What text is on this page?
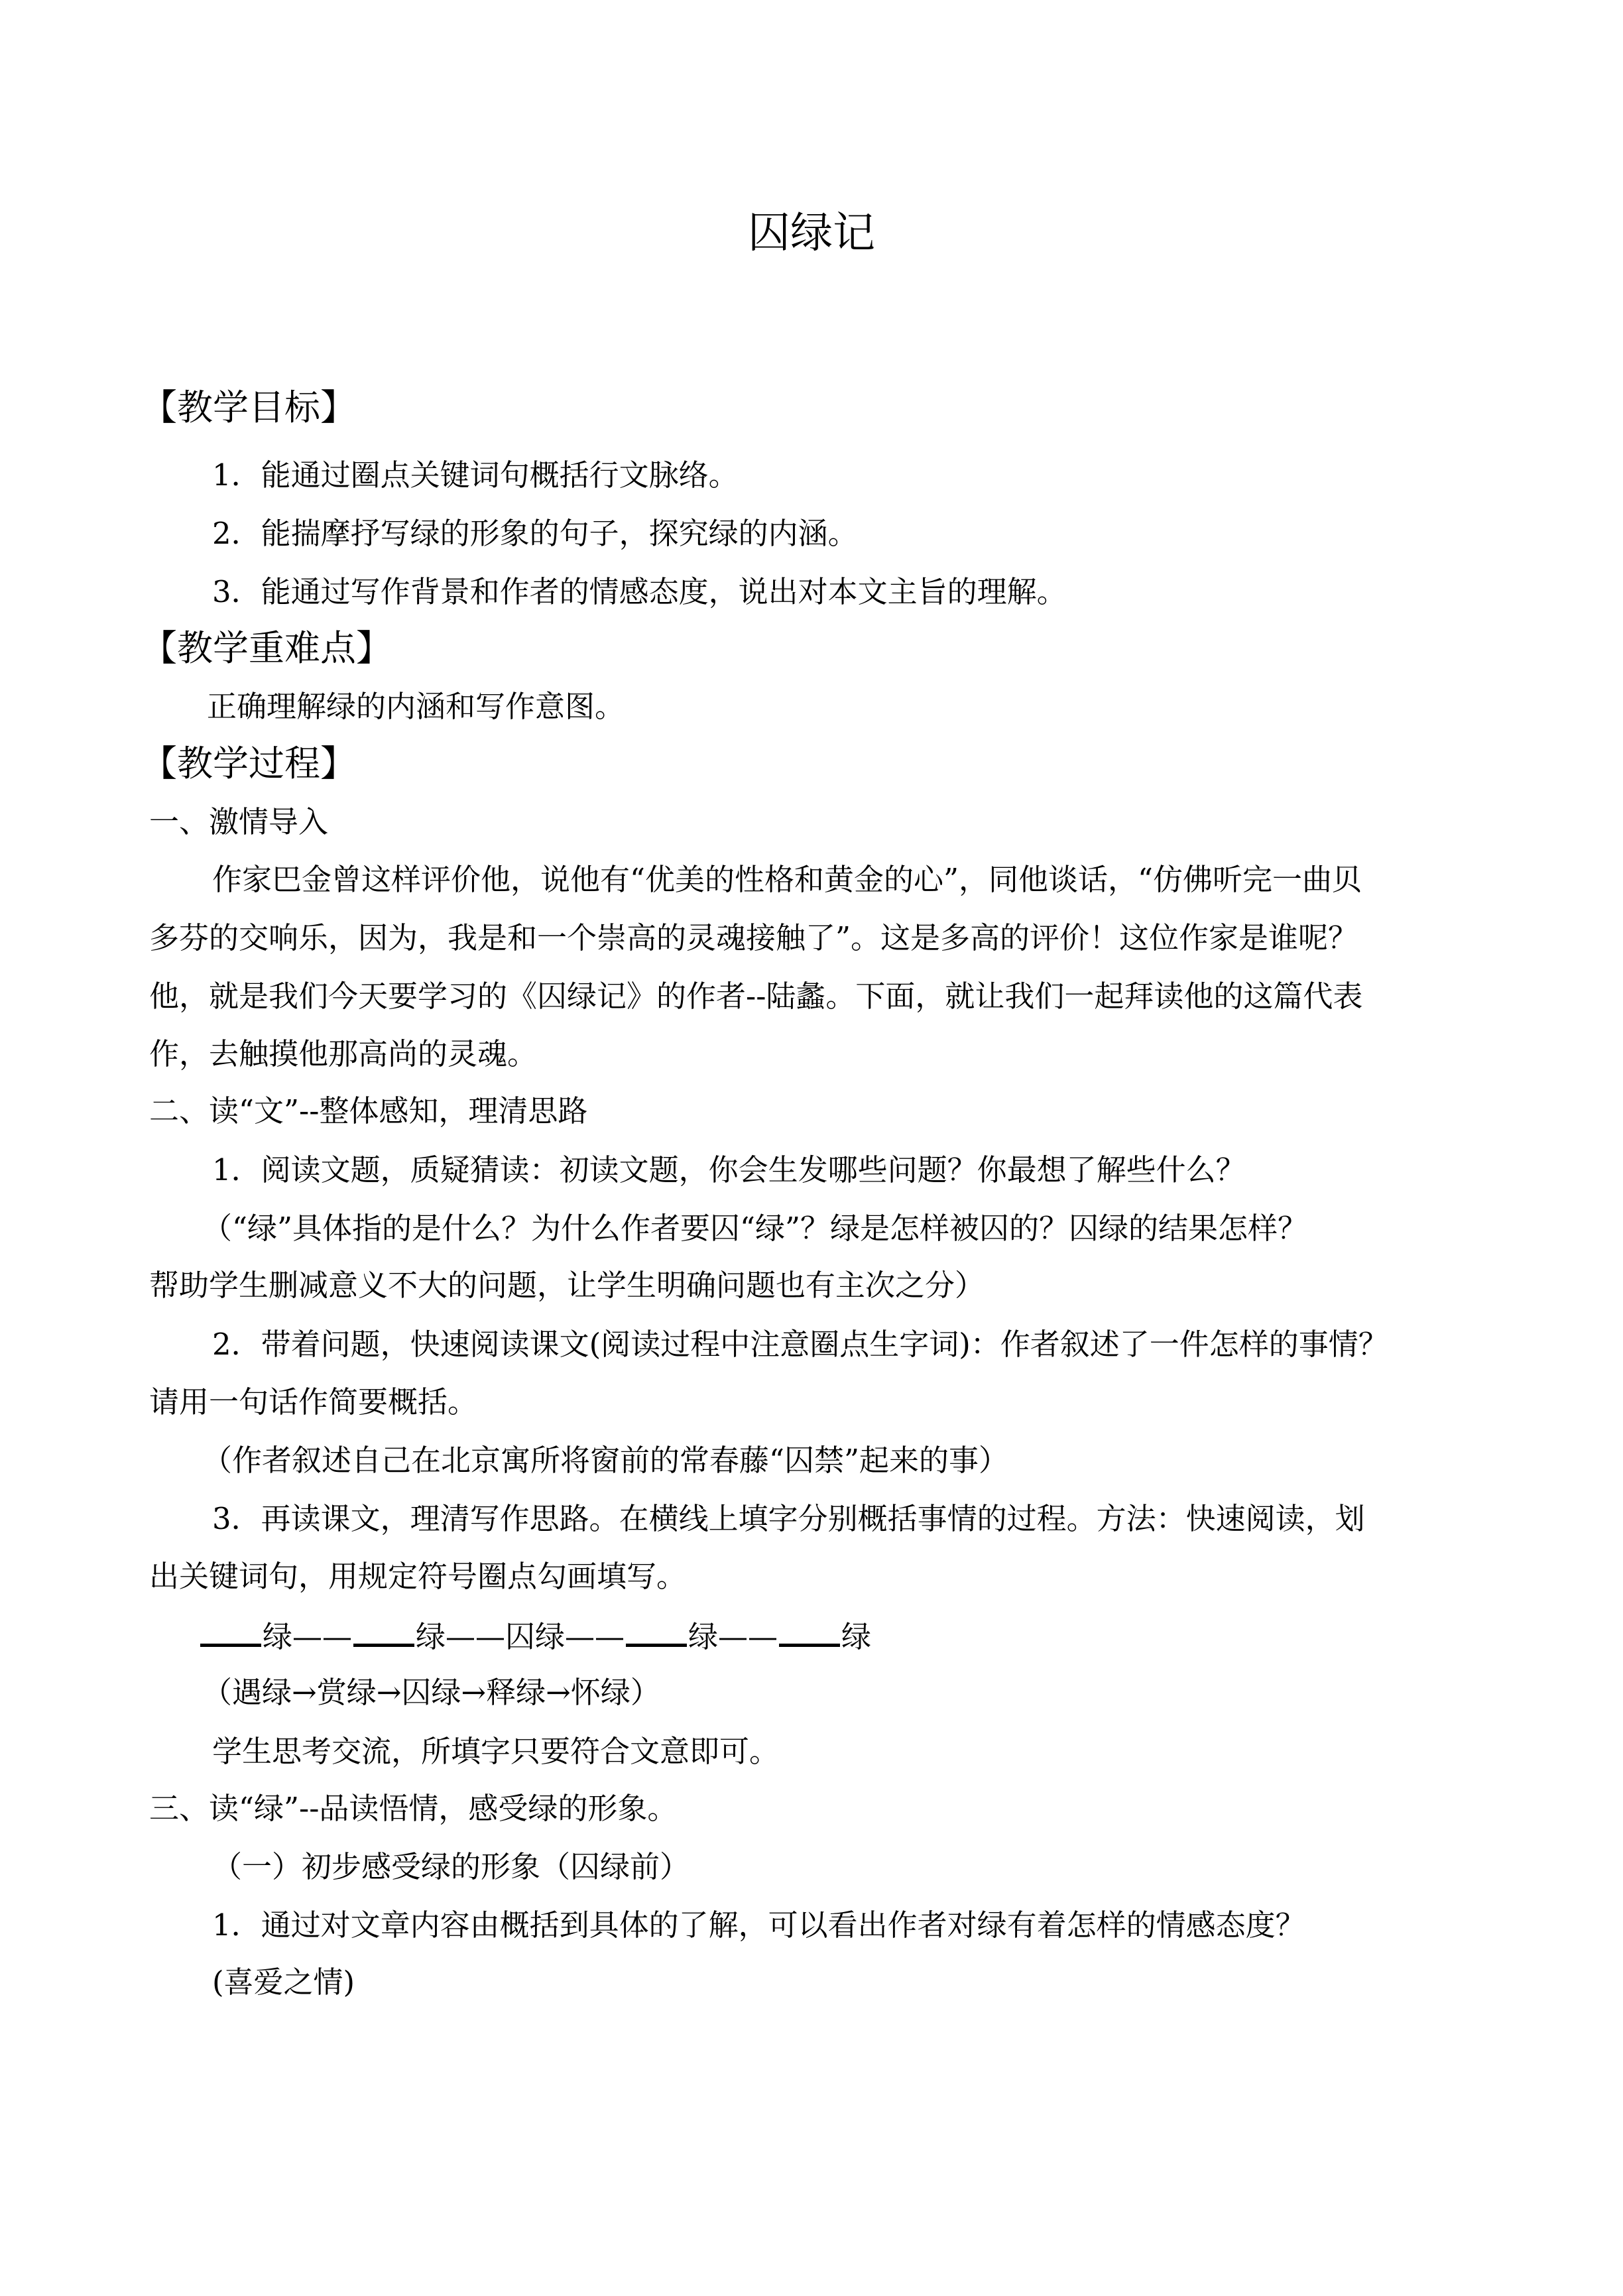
囚绿记
【教学目标】
1．能通过圈点关键词句概括行文脉络。
2．能揣摩抒写绿的形象的句子，探究绿的内涵。
3．能通过写作背景和作者的情感态度，说出对本文主旨的理解。
【教学重难点】
正确理解绿的内涵和写作意图。
【教学过程】
一、激情导入
作家巴金曾这样评价他，说他有“优美的性格和黄金的心”，同他谈话，“仿佛听完一曲贝
多芬的交响乐，因为，我是和一个崇高的灵魂接触了”。这是多高的评价！这位作家是谁呢？
他，就是我们今天要学习的《囚绿记》的作者--陆蠡。下面，就让我们一起拜读他的这篇代表
作，去触摸他那高尚的灵魂。
二、读“文”--整体感知，理清思路
1．阅读文题，质疑猜读：初读文题，你会生发哪些问题？你最想了解些什么？
（“绿”具体指的是什么？为什么作者要囚“绿”？绿是怎样被囚的？囚绿的结果怎样？
帮助学生删减意义不大的问题，让学生明确问题也有主次之分）
2．带着问题，快速阅读课文(阅读过程中注意圈点生字词)：作者叙述了一件怎样的事情？
请用一句话作简要概括。
（作者叙述自己在北京寓所将窗前的常春藤“囚禁”起来的事）
3．再读课文，理清写作思路。在横线上填字分别概括事情的过程。方法：快速阅读，划
出关键词句，用规定符号圈点勾画填写。
绿—— 绿——囚绿—— 绿—— 绿
（遇绿→赏绿→囚绿→释绿→怀绿）
学生思考交流，所填字只要符合文意即可。
三、读“绿”--品读悟情，感受绿的形象。
（一）初步感受绿的形象（囚绿前）
1．通过对文章内容由概括到具体的了解，可以看出作者对绿有着怎样的情感态度？
(喜爱之情)
